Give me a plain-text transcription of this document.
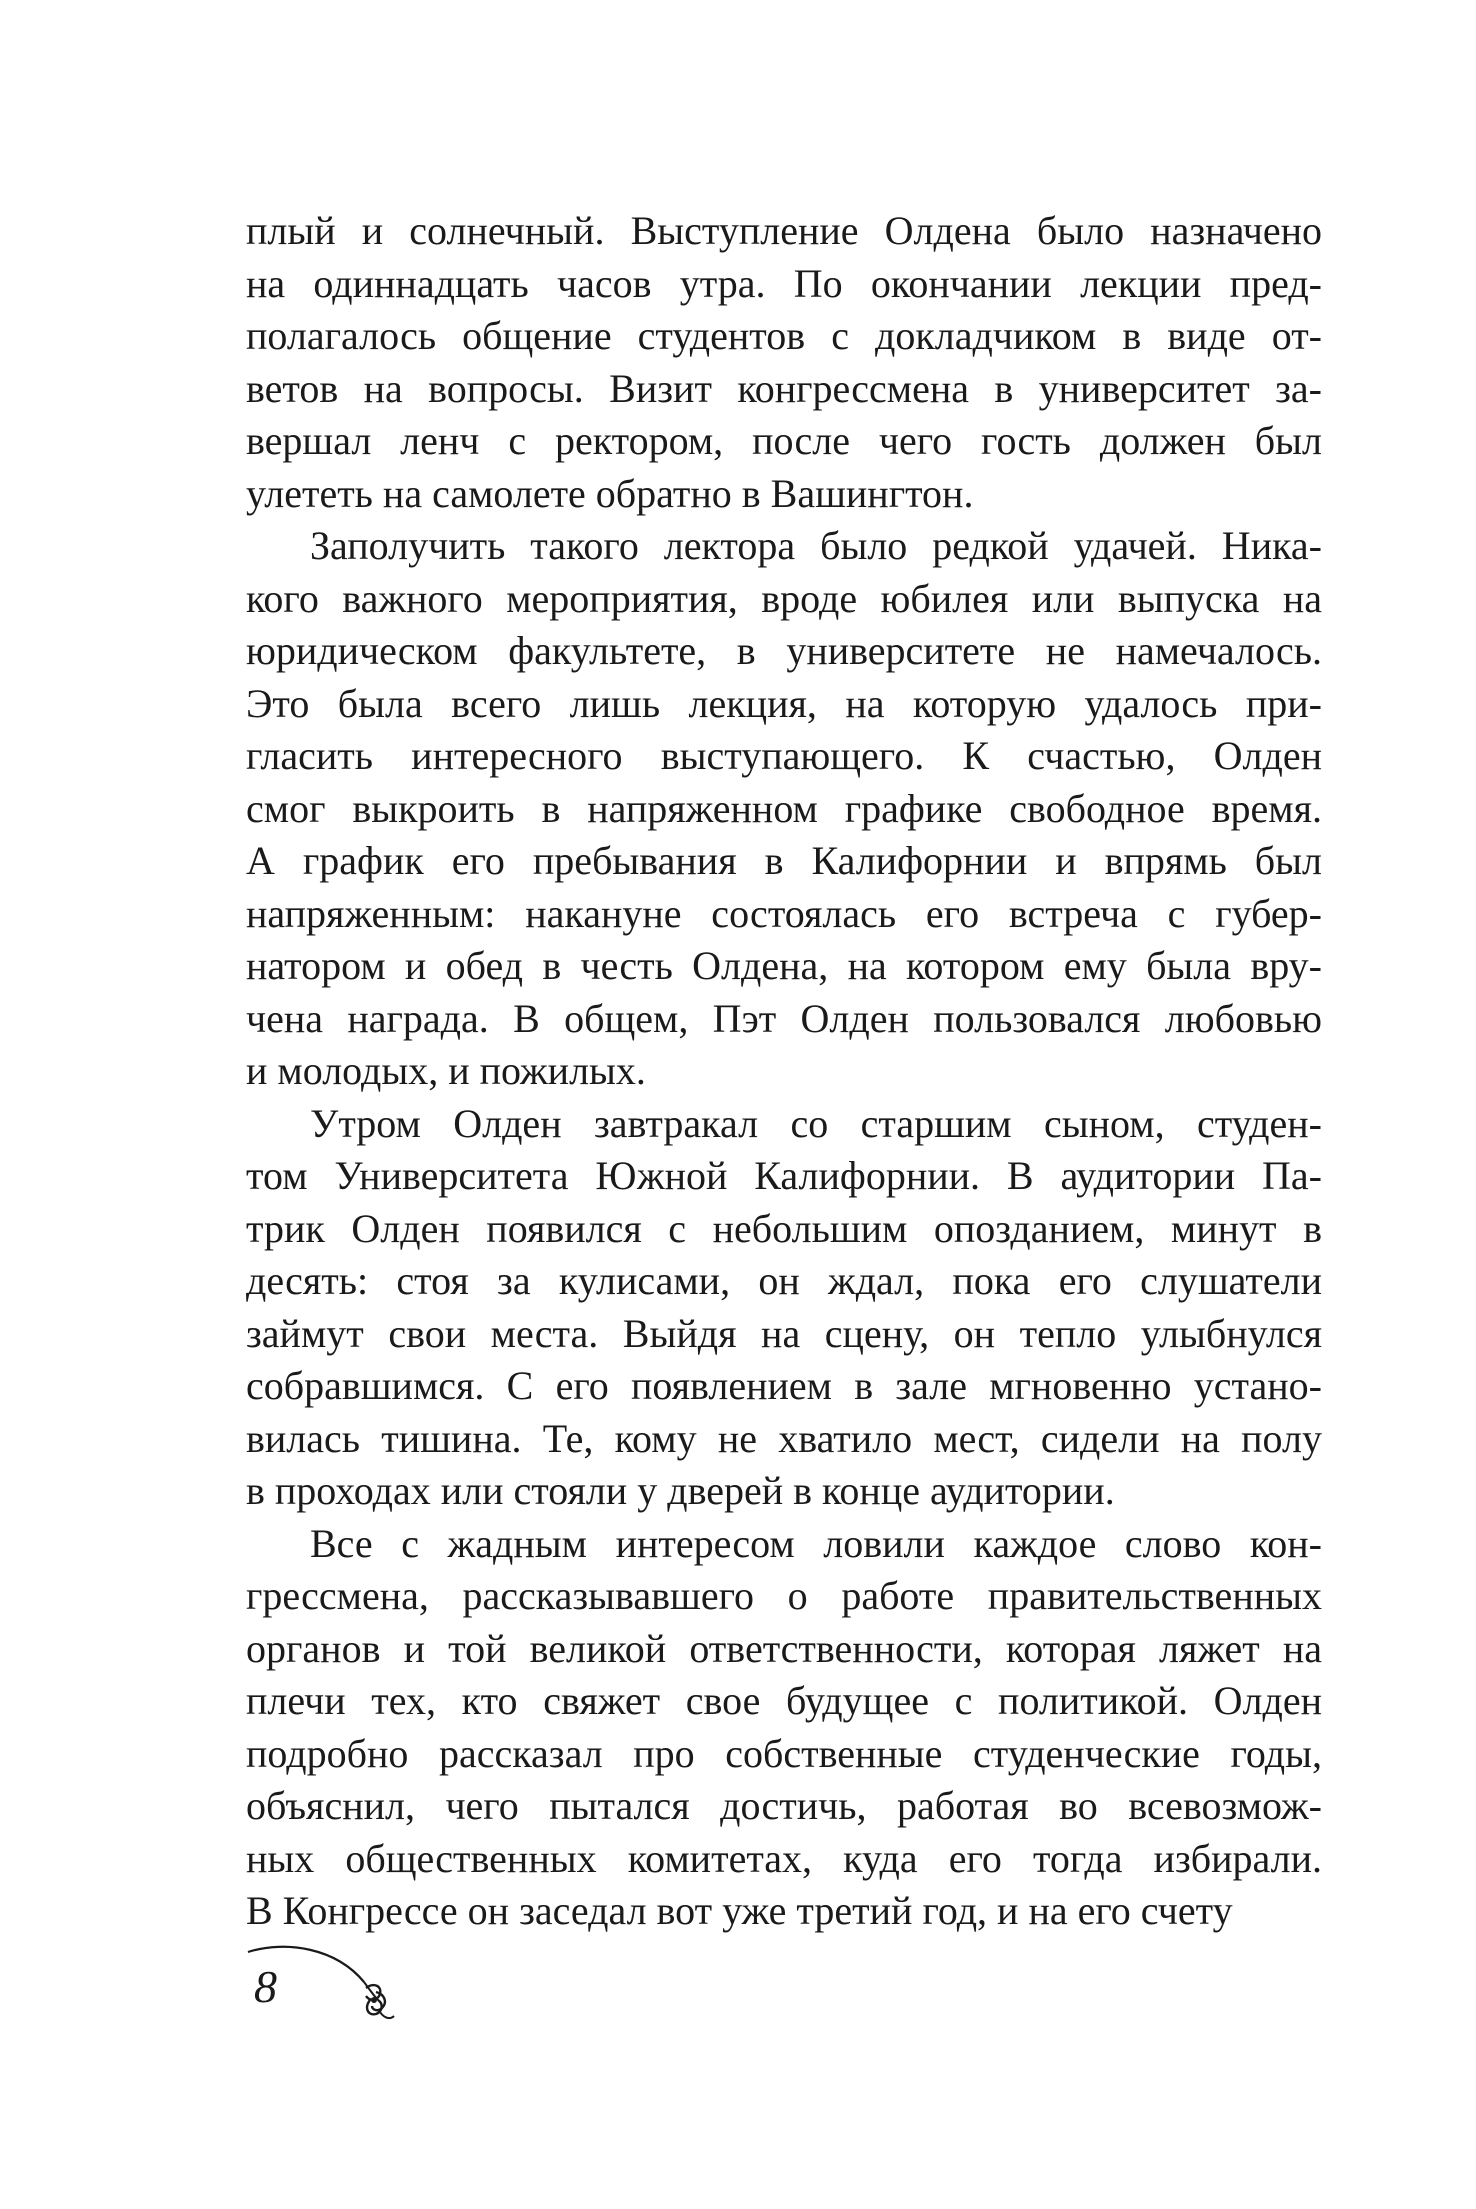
плый и солнечный. Выступление Олдена было назначено
на одиннадцать часов утра. По окончании лекции пред-
полагалось общение студентов с докладчиком в виде от-
ветов на вопросы. Визит конгрессмена в университет за-
вершал ленч с ректором, после чего гость должен был
улететь на самолете обратно в Вашингтон.

Заполучить такого лектора было редкой удачей. Ника-
кого важного мероприятия, вроде юбилея или выпуска на
юридическом факультете, в университете не намечалось.
Это была всего лишь лекция, на которую удалось при-
гласить интересного выступающего. К счастью, Олден
смог выкроить в напряженном графике свободное время.
А график его пребывания в Калифорнии и впрямь был
напряженным: накануне состоялась его встреча с губер-
натором и обед в честь Олдена, на котором ему была вру-
чена награда. В общем, Пэт Олден пользовался любовью
и молодых, и пожилых.

Утром Олден завтракал со старшим сыном, студен-
том Университета Южной Калифорнии. В аудитории Па-
трик Олден появился с небольшим опозданием, минут в
десять: стоя за кулисами, он ждал, пока его слушатели
займут свои места. Выйдя на сцену, он тепло улыбнулся
собравшимся. С его появлением в зале мгновенно устано-
вилась тишина. Те, кому не хватило мест, сидели на полу
в проходах или стояли у дверей в конце аудитории.

Все с жадным интересом ловили каждое слово кон-
грессмена, рассказывавшего о работе правительственных
органов и той великой ответственности, которая ляжет на
плечи тех, кто свяжет свое будущее с политикой. Олден
подробно рассказал про собственные студенческие годы,
объяснил, чего пытался достичь, работая во всевозмож-
ных общественных комитетах, куда его тогда избирали.
В Конгрессе он заседал вот уже третий год, и на его счету

8
